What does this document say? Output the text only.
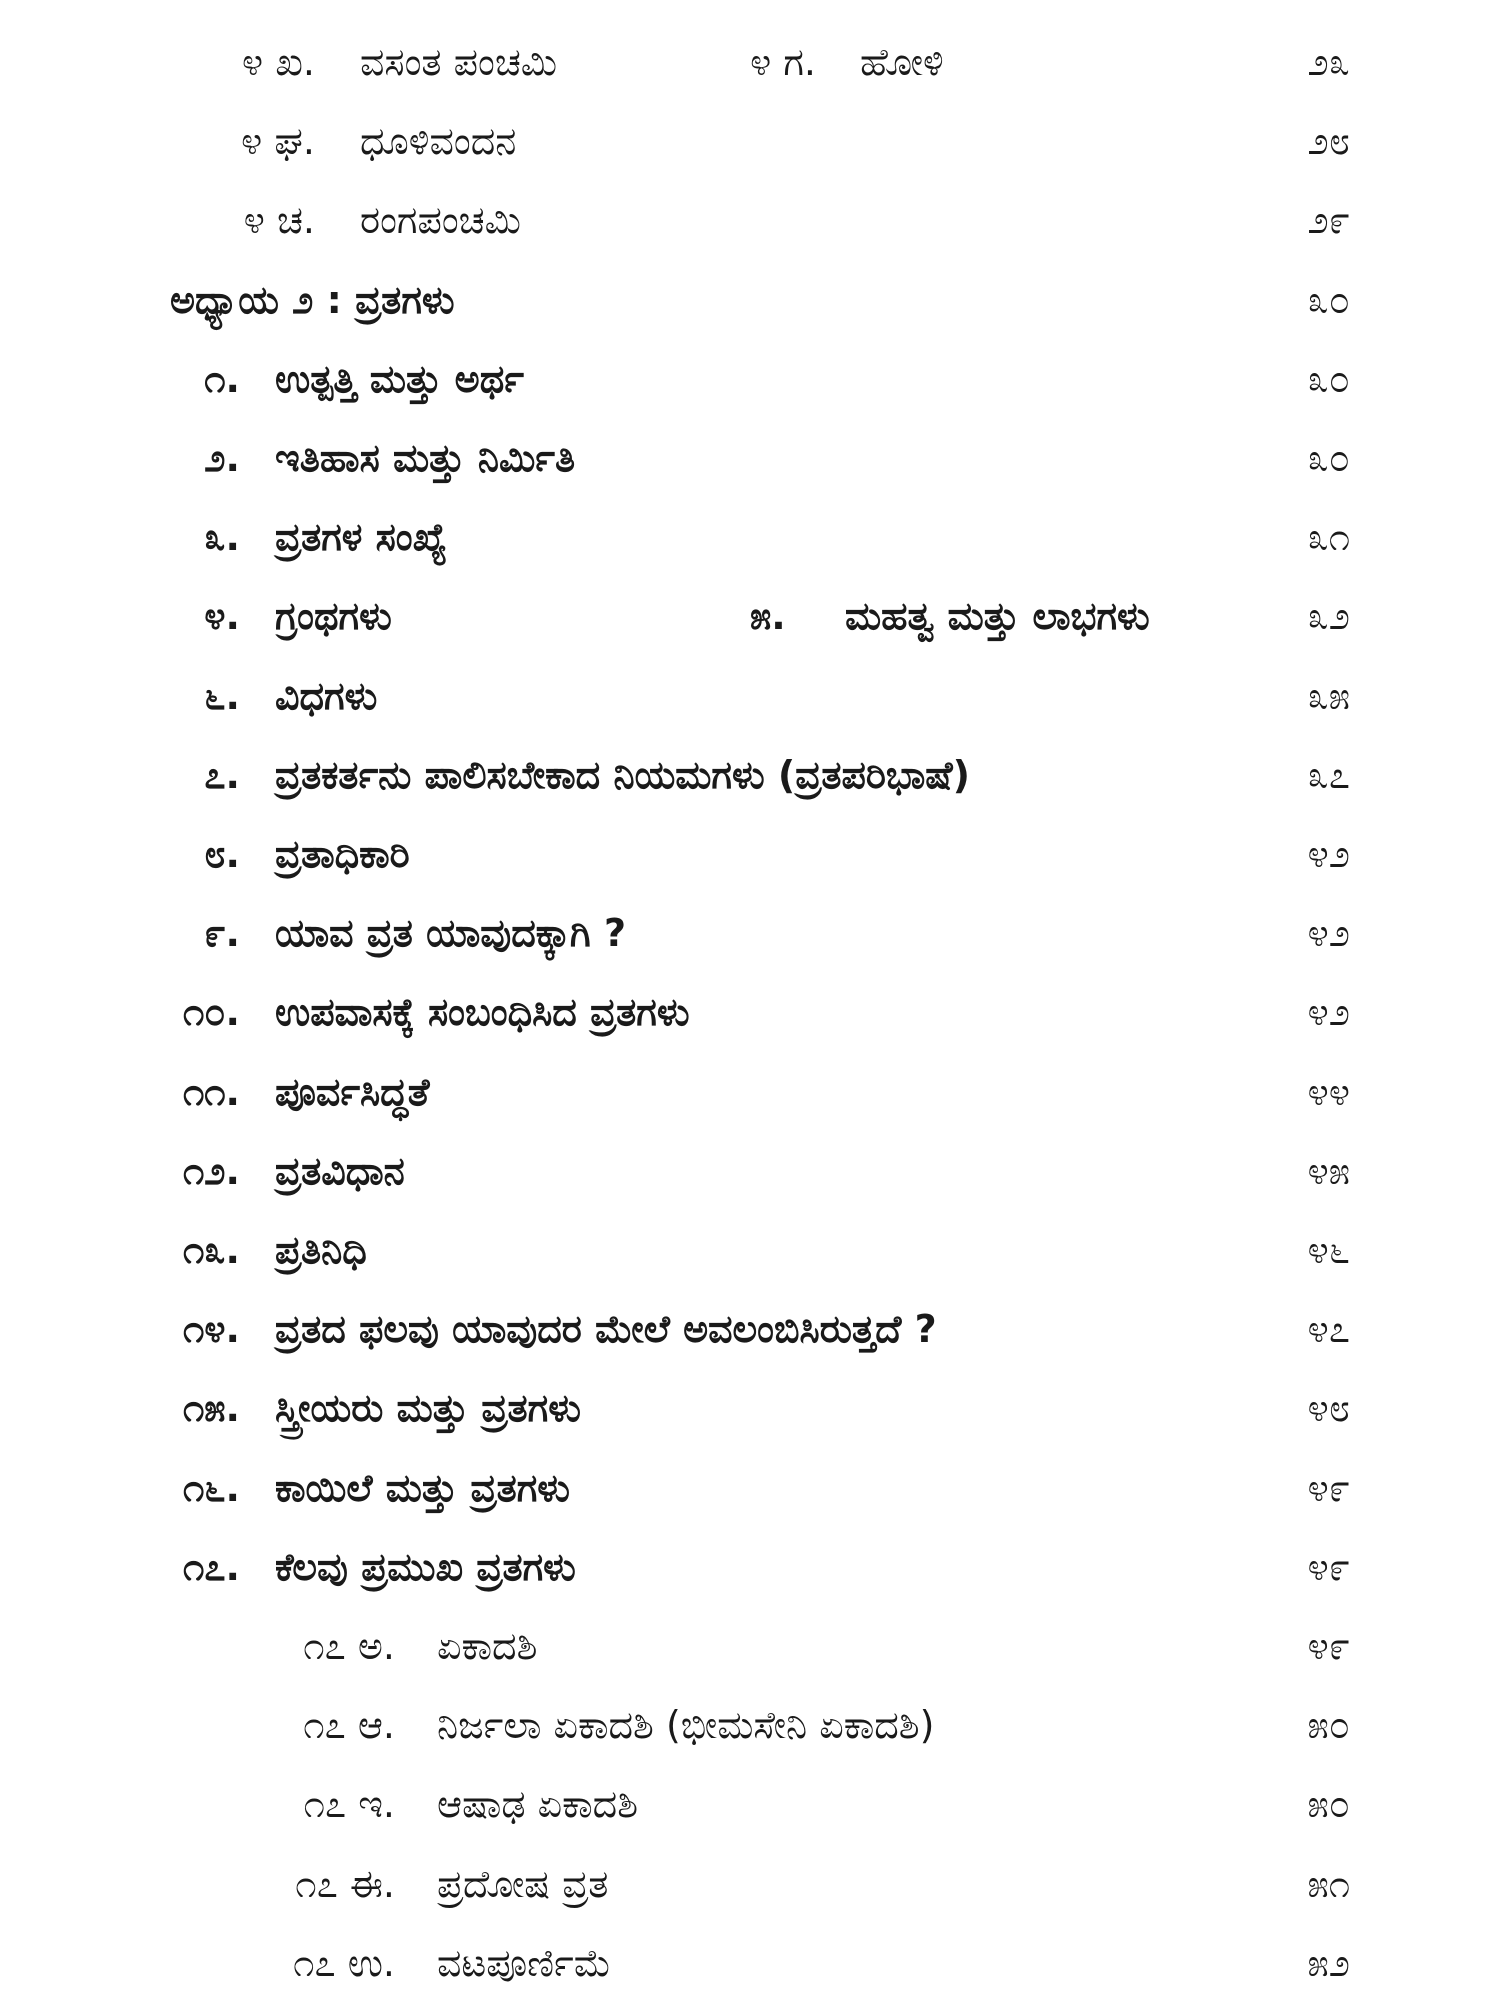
೪ ಖ. ವಸಂತ ಪಂಚಮಿ	೪ ಗ. ಹೋಳಿ	೨೩
೪ ಘ. ಧೂಳಿವಂದನ	೨೮
೪ ಚ. ರಂಗಪಂಚಮಿ	೨೯
ಅಧ್ಯಾಯ ೨ : ವ್ರತಗಳು	೩೦
೧. ಉತ್ಪತ್ತಿ ಮತ್ತು ಅರ್ಥ	೩೦
೨. ಇತಿಹಾಸ ಮತ್ತು ನಿರ್ಮಿತಿ	೩೦
೩. ವ್ರತಗಳ ಸಂಖ್ಯೆ	೩೧
೪. ಗ್ರಂಥಗಳು	೫. ಮಹತ್ವ ಮತ್ತು ಲಾಭಗಳು	೩೨
೬. ವಿಧಗಳು	೩೫
೭. ವ್ರತಕರ್ತನು ಪಾಲಿಸಬೇಕಾದ ನಿಯಮಗಳು (ವ್ರತಪರಿಭಾಷೆ)	೩೭
೮. ವ್ರತಾಧಿಕಾರಿ	೪೨
೯. ಯಾವ ವ್ರತ ಯಾವುದಕ್ಕಾಗಿ ?	೪೨
೧೦. ಉಪವಾಸಕ್ಕೆ ಸಂಬಂಧಿಸಿದ ವ್ರತಗಳು	೪೨
೧೧. ಪೂರ್ವಸಿದ್ಧತೆ	೪೪
೧೨. ವ್ರತವಿಧಾನ	೪೫
೧೩. ಪ್ರತಿನಿಧಿ	೪೬
೧೪. ವ್ರತದ ಫಲವು ಯಾವುದರ ಮೇಲೆ ಅವಲಂಬಿಸಿರುತ್ತದೆ ?	೪೭
೧೫. ಸ್ತ್ರೀಯರು ಮತ್ತು ವ್ರತಗಳು	೪೮
೧೬. ಕಾಯಿಲೆ ಮತ್ತು ವ್ರತಗಳು	೪೯
೧೭. ಕೆಲವು ಪ್ರಮುಖ ವ್ರತಗಳು	೪೯
೧೭ ಅ. ಏಕಾದಶಿ	೪೯
೧೭ ಆ. ನಿರ್ಜಲಾ ಏಕಾದಶಿ (ಭೀಮಸೇನಿ ಏಕಾದಶಿ)	೫೦
೧೭ ಇ. ಆಷಾಢ ಏಕಾದಶಿ	೫೦
೧೭ ಈ. ಪ್ರದೋಷ ವ್ರತ	೫೧
೧೭ ಉ. ವಟಪೂರ್ಣಿಮೆ	೫೨
